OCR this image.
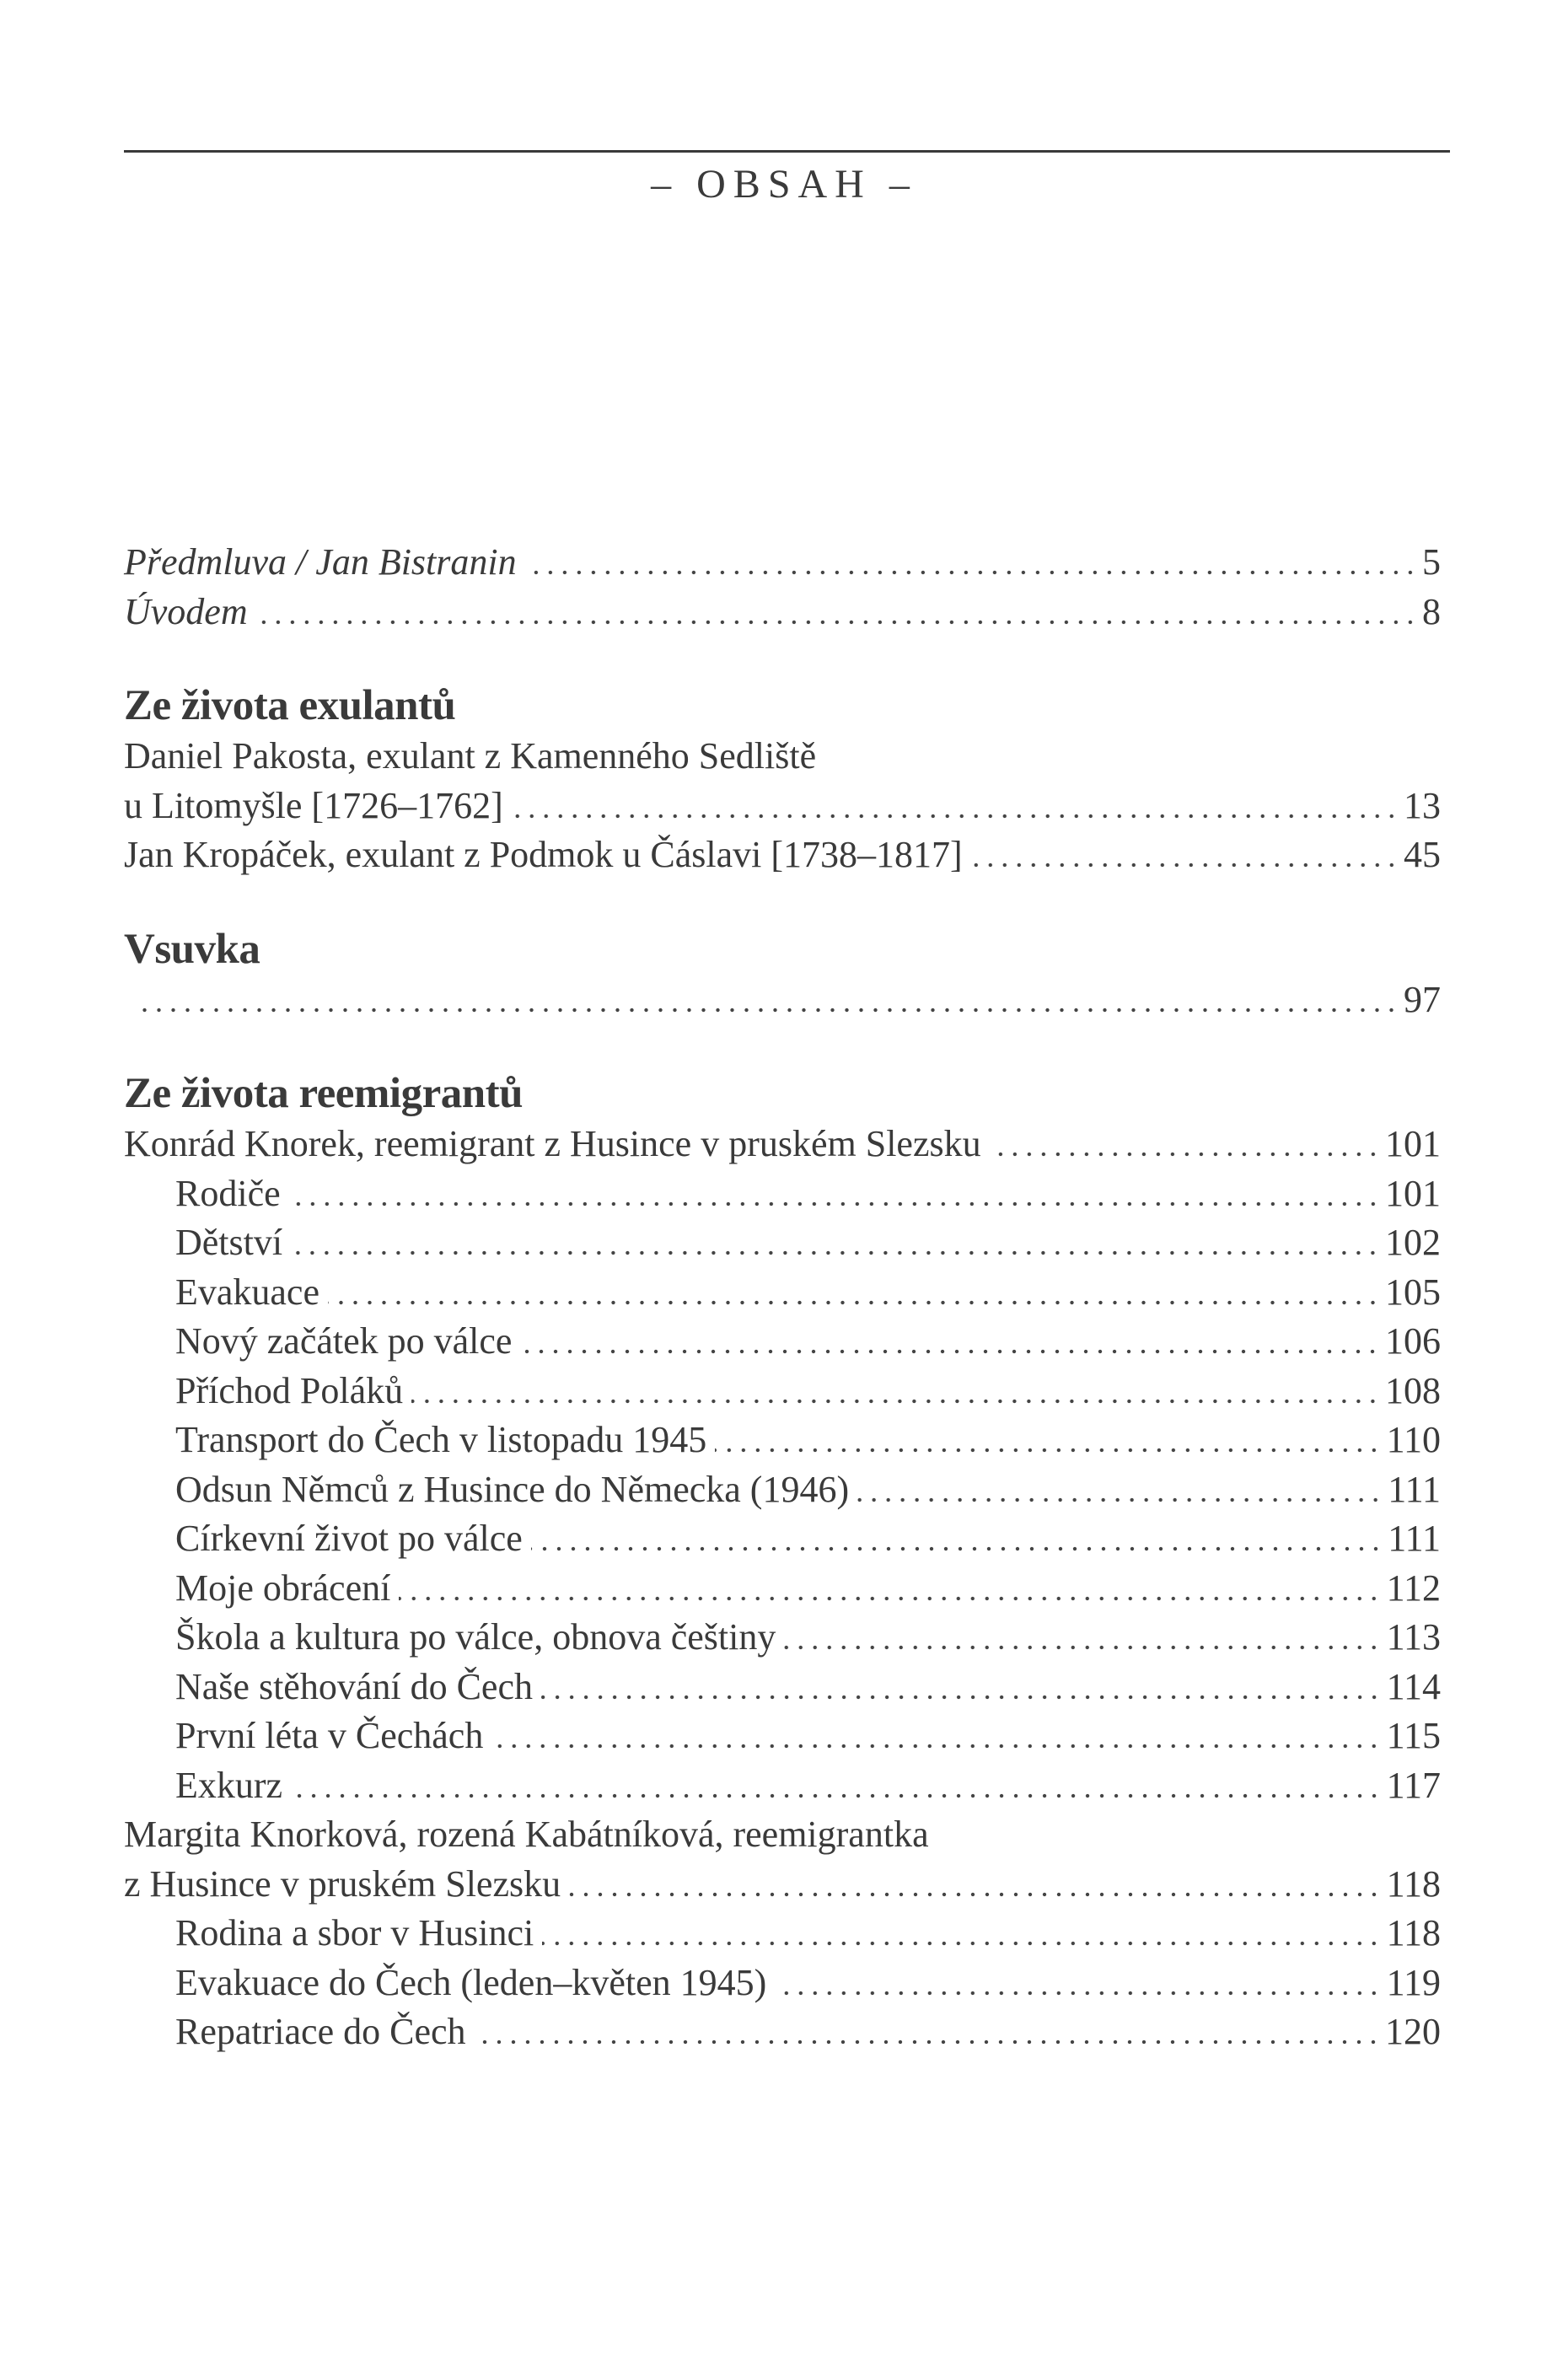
– OBSAH –
Předmluva / Jan Bistranin	5
Úvodem	8
Ze života exulantů
Daniel Pakosta, exulant z Kamenného Sedliště
u Litomyšle [1726–1762]	13
Jan Kropáček, exulant z Podmok u Čáslavi [1738–1817]	45
Vsuvka
97
Ze života reemigrantů
Konrád Knorek, reemigrant z Husince v pruském Slezsku	101
Rodiče	101
Dětství	102
Evakuace	105
Nový začátek po válce	106
Příchod Poláků	108
Transport do Čech v listopadu 1945	110
Odsun Němců z Husince do Německa (1946)	111
Církevní život po válce	111
Moje obrácení	112
Škola a kultura po válce, obnova češtiny	113
Naše stěhování do Čech	114
První léta v Čechách	115
Exkurz	117
Margita Knorková, rozená Kabátníková, reemigrantka
z Husince v pruském Slezsku	118
Rodina a sbor v Husinci	118
Evakuace do Čech (leden–květen 1945)	119
Repatriace do Čech	120
